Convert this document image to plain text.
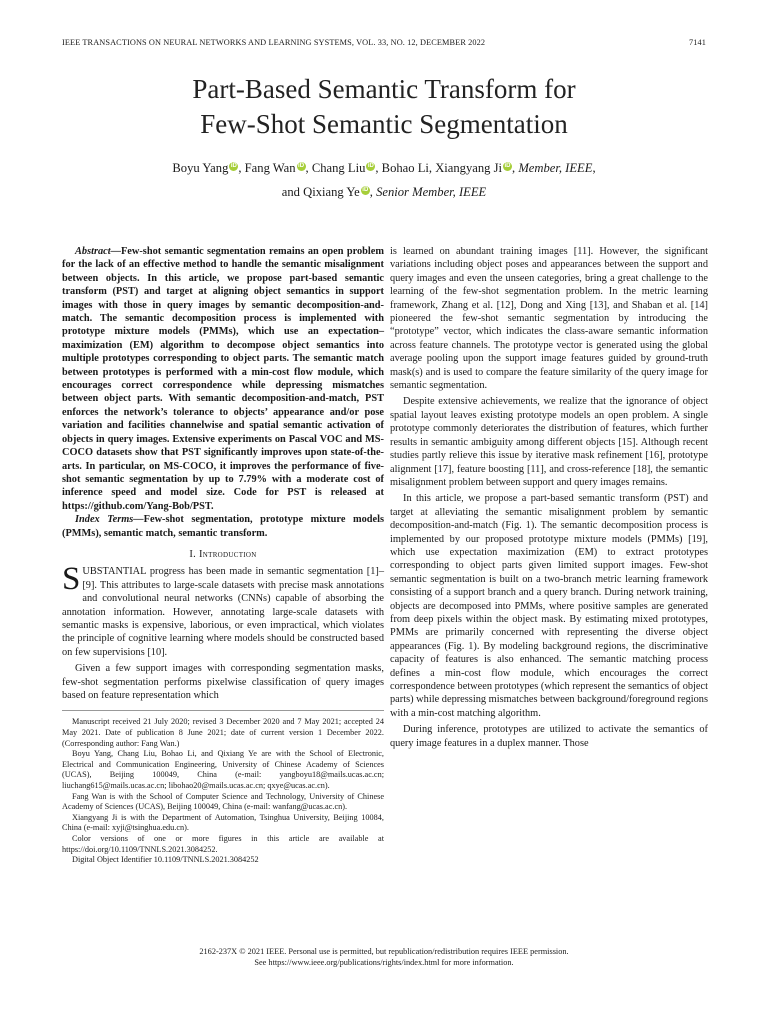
IEEE TRANSACTIONS ON NEURAL NETWORKS AND LEARNING SYSTEMS, VOL. 33, NO. 12, DECEMBER 2022	7141
Part-Based Semantic Transform for
Few-Shot Semantic Segmentation
Boyu Yang iD , Fang Wan iD , Chang Liu iD , Bohao Li, Xiangyang Ji iD , Member, IEEE,
and Qixiang Ye iD , Senior Member, IEEE

Abstract—Few-shot semantic segmentation remains an open problem for the lack of an effective method to handle the semantic misalignment between objects. In this article, we propose part-based semantic transform (PST) and target at aligning object semantics in support images with those in query images by semantic decomposition-and-match. The semantic decomposition process is implemented with prototype mixture models (PMMs), which use an expectation–maximization (EM) algorithm to decompose object semantics into multiple prototypes corresponding to object parts. The semantic match between prototypes is performed with a min-cost flow module, which encourages correct correspondence while depressing mismatches between object parts. With semantic decomposition-and-match, PST enforces the network’s tolerance to objects’ appearance and/or pose variation and facilities channelwise and spatial semantic activation of objects in query images. Extensive experiments on Pascal VOC and MS-COCO datasets show that PST significantly improves upon state-of-the-arts. In particular, on MS-COCO, it improves the performance of five-shot semantic segmentation by up to 7.79% with a moderate cost of inference speed and model size. Code for PST is released at https://github.com/Yang-Bob/PST.

Index Terms—Few-shot segmentation, prototype mixture models (PMMs), semantic match, semantic transform.

I. Introduction

SUBSTANTIAL progress has been made in semantic segmentation [1]–[9]. This attributes to large-scale datasets with precise mask annotations and convolutional neural networks (CNNs) capable of absorbing the annotation information. However, annotating large-scale datasets with semantic masks is expensive, laborious, or even impractical, which violates the principle of cognitive learning where models should be constructed based on few supervisions [10].

Given a few support images with corresponding segmentation masks, few-shot segmentation performs pixelwise classification of query images based on feature representation which

Manuscript received 21 July 2020; revised 3 December 2020 and 7 May 2021; accepted 24 May 2021. Date of publication 8 June 2021; date of current version 1 December 2022. (Corresponding author: Fang Wan.)

Boyu Yang, Chang Liu, Bohao Li, and Qixiang Ye are with the School of Electronic, Electrical and Communication Engineering, University of Chinese Academy of Sciences (UCAS), Beijing 100049, China (e-mail: yangboyu18@mails.ucas.ac.cn; liuchang615@mails.ucas.ac.cn; libohao20@mails.ucas.ac.cn; qxye@ucas.ac.cn).

Fang Wan is with the School of Computer Science and Technology, University of Chinese Academy of Sciences (UCAS), Beijing 100049, China (e-mail: wanfang@ucas.ac.cn).

Xiangyang Ji is with the Department of Automation, Tsinghua University, Beijing 10084, China (e-mail: xyji@tsinghua.edu.cn).

Color versions of one or more figures in this article are available at https://doi.org/10.1109/TNNLS.2021.3084252.

Digital Object Identifier 10.1109/TNNLS.2021.3084252

is learned on abundant training images [11]. However, the significant variations including object poses and appearances between the support and query images and even the unseen categories, bring a great challenge to the learning of the few-shot segmentation problem. In the metric learning framework, Zhang et al. [12], Dong and Xing [13], and Shaban et al. [14] pioneered the few-shot semantic segmentation by introducing the “prototype” vector, which indicates the class-aware semantic information across feature channels. The prototype vector is generated using the global average pooling upon the support image features guided by ground-truth mask(s) and is used to compare the feature similarity of the query image for semantic segmentation.

Despite extensive achievements, we realize that the ignorance of object spatial layout leaves existing prototype models an open problem. A single prototype commonly deteriorates the distribution of features, which further results in semantic ambiguity among different objects [15]. Although recent studies partly relieve this issue by iterative mask refinement [16], prototype alignment [17], feature boosting [11], and cross-reference [18], the semantic misalignment problem between support and query images remains.

In this article, we propose a part-based semantic transform (PST) and target at alleviating the semantic misalignment problem by semantic decomposition-and-match (Fig. 1). The semantic decomposition process is implemented by our proposed prototype mixture models (PMMs) [19], which use expectation maximization (EM) to extract prototypes corresponding to object parts given limited support images. Few-shot semantic segmentation is built on a two-branch metric learning framework consisting of a support branch and a query branch. During network training, objects are decomposed into PMMs, where positive samples are generated from deep pixels within the object mask. By estimating mixed prototypes, PMMs are primarily concerned with representing the diverse object appearances (Fig. 1). By modeling background regions, the discriminative capacity of features is also enhanced. The semantic matching process defines a min-cost flow module, which encourages the correct correspondence between prototypes (which represent the semantics of object parts) while depressing mismatches between background/foreground regions with a min-cost matching algorithm.

During inference, prototypes are utilized to activate the semantics of query image features in a duplex manner. Those

2162-237X © 2021 IEEE. Personal use is permitted, but republication/redistribution requires IEEE permission.
See https://www.ieee.org/publications/rights/index.html for more information.
